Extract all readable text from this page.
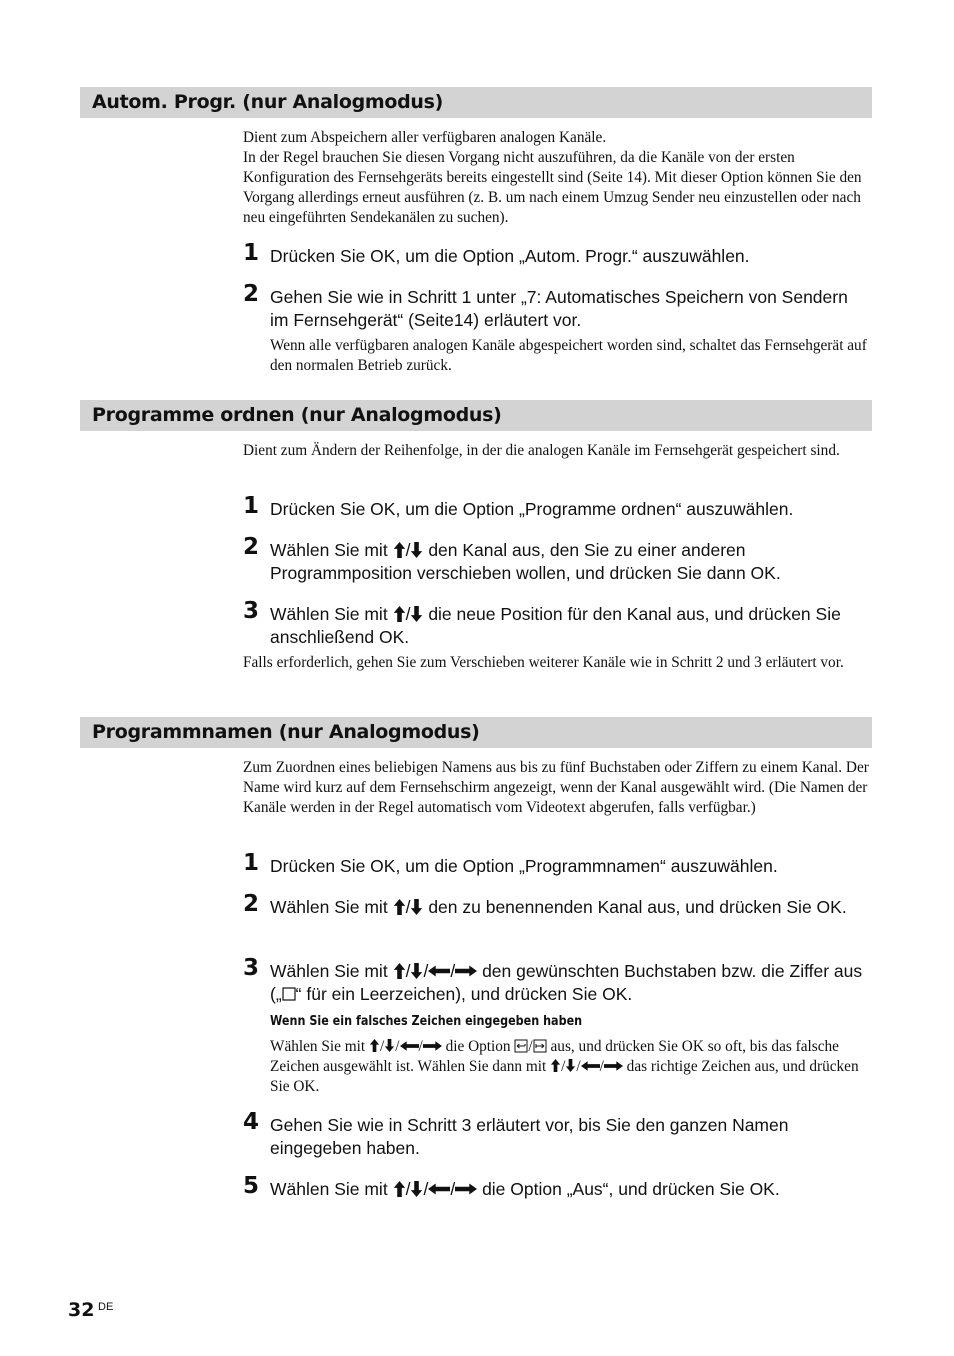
Autom. Progr. (nur Analogmodus)
Dient zum Abspeichern aller verfügbaren analogen Kanäle.
In der Regel brauchen Sie diesen Vorgang nicht auszuführen, da die Kanäle von der ersten Konfiguration des Fernsehgeräts bereits eingestellt sind (Seite 14). Mit dieser Option können Sie den Vorgang allerdings erneut ausführen (z. B. um nach einem Umzug Sender neu einzustellen oder nach neu eingeführten Sendekanälen zu suchen).
1 Drücken Sie OK, um die Option „Autom. Progr.“ auszuwählen.
2 Gehen Sie wie in Schritt 1 unter „7: Automatisches Speichern von Sendern im Fernsehgerät“ (Seite14) erläutert vor.
Wenn alle verfügbaren analogen Kanäle abgespeichert worden sind, schaltet das Fernsehgerät auf den normalen Betrieb zurück.
Programme ordnen (nur Analogmodus)
Dient zum Ändern der Reihenfolge, in der die analogen Kanäle im Fernsehgerät gespeichert sind.
1 Drücken Sie OK, um die Option „Programme ordnen“ auszuwählen.
2 Wählen Sie mit / den Kanal aus, den Sie zu einer anderen Programmposition verschieben wollen, und drücken Sie dann OK.
3 Wählen Sie mit / die neue Position für den Kanal aus, und drücken Sie anschließend OK.
Falls erforderlich, gehen Sie zum Verschieben weiterer Kanäle wie in Schritt 2 und 3 erläutert vor.
Programmnamen (nur Analogmodus)
Zum Zuordnen eines beliebigen Namens aus bis zu fünf Buchstaben oder Ziffern zu einem Kanal. Der Name wird kurz auf dem Fernsehschirm angezeigt, wenn der Kanal ausgewählt wird. (Die Namen der Kanäle werden in der Regel automatisch vom Videotext abgerufen, falls verfügbar.)
1 Drücken Sie OK, um die Option „Programmnamen“ auszuwählen.
2 Wählen Sie mit / den zu benennenden Kanal aus, und drücken Sie OK.
3 Wählen Sie mit / / / den gewünschten Buchstaben bzw. die Ziffer aus („ “ für ein Leerzeichen), und drücken Sie OK.
Wenn Sie ein falsches Zeichen eingegeben haben
Wählen Sie mit / / / die Option / aus, und drücken Sie OK so oft, bis das falsche Zeichen ausgewählt ist. Wählen Sie dann mit / / / das richtige Zeichen aus, und drücken Sie OK.
4 Gehen Sie wie in Schritt 3 erläutert vor, bis Sie den ganzen Namen eingegeben haben.
5 Wählen Sie mit / / / die Option „Aus“, und drücken Sie OK.
32 DE
